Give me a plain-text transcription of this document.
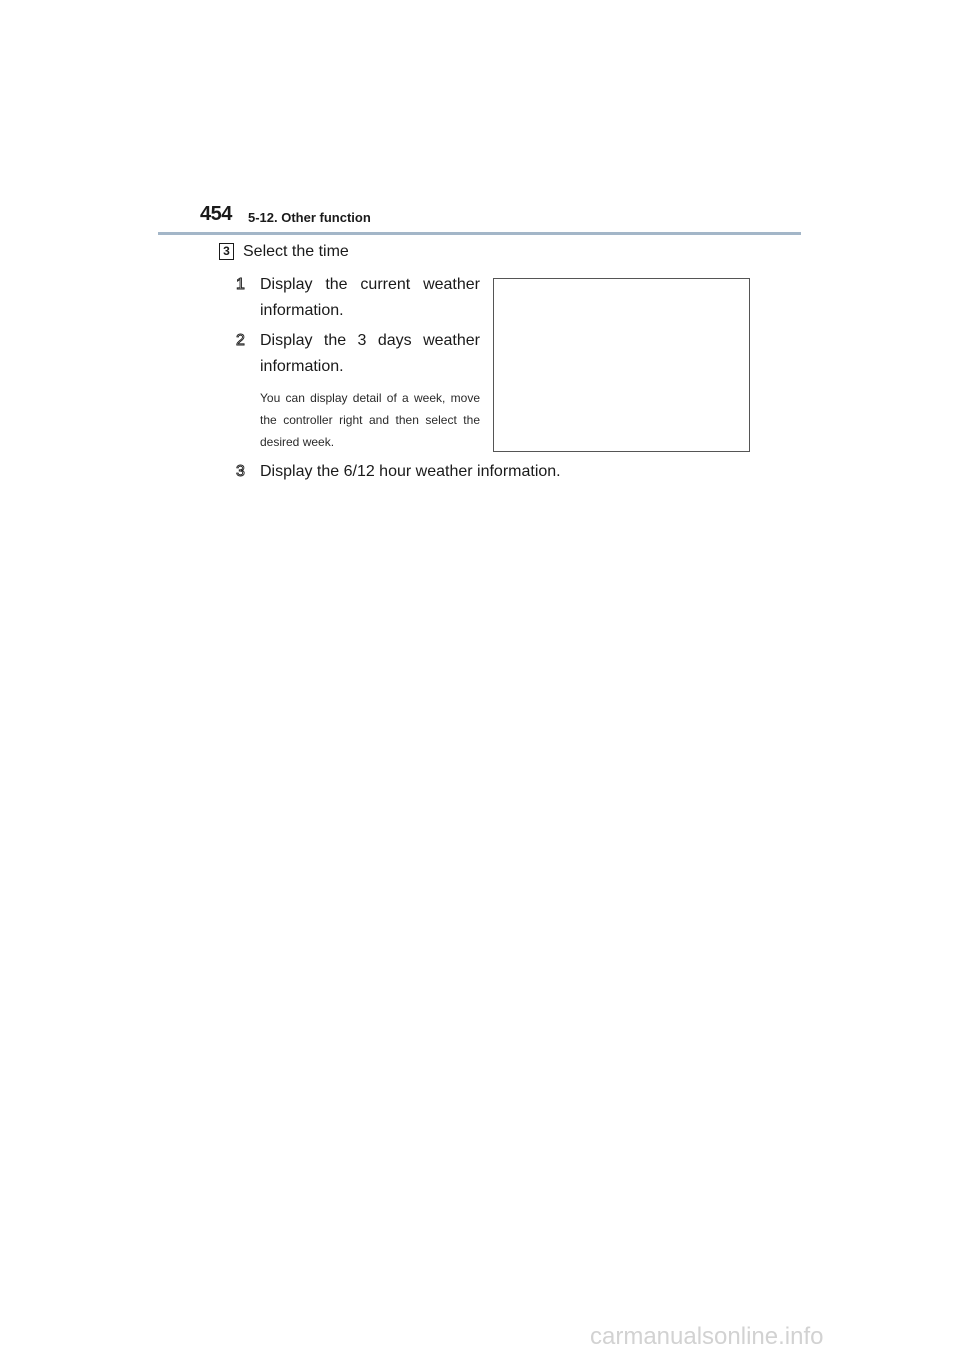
454 5-12. Other function
3 Select the time
1 Display the current weather information.
2 Display the 3 days weather information.
You can display detail of a week, move the controller right and then select the desired week.
3 Display the 6/12 hour weather information.
carmanualsonline.info
